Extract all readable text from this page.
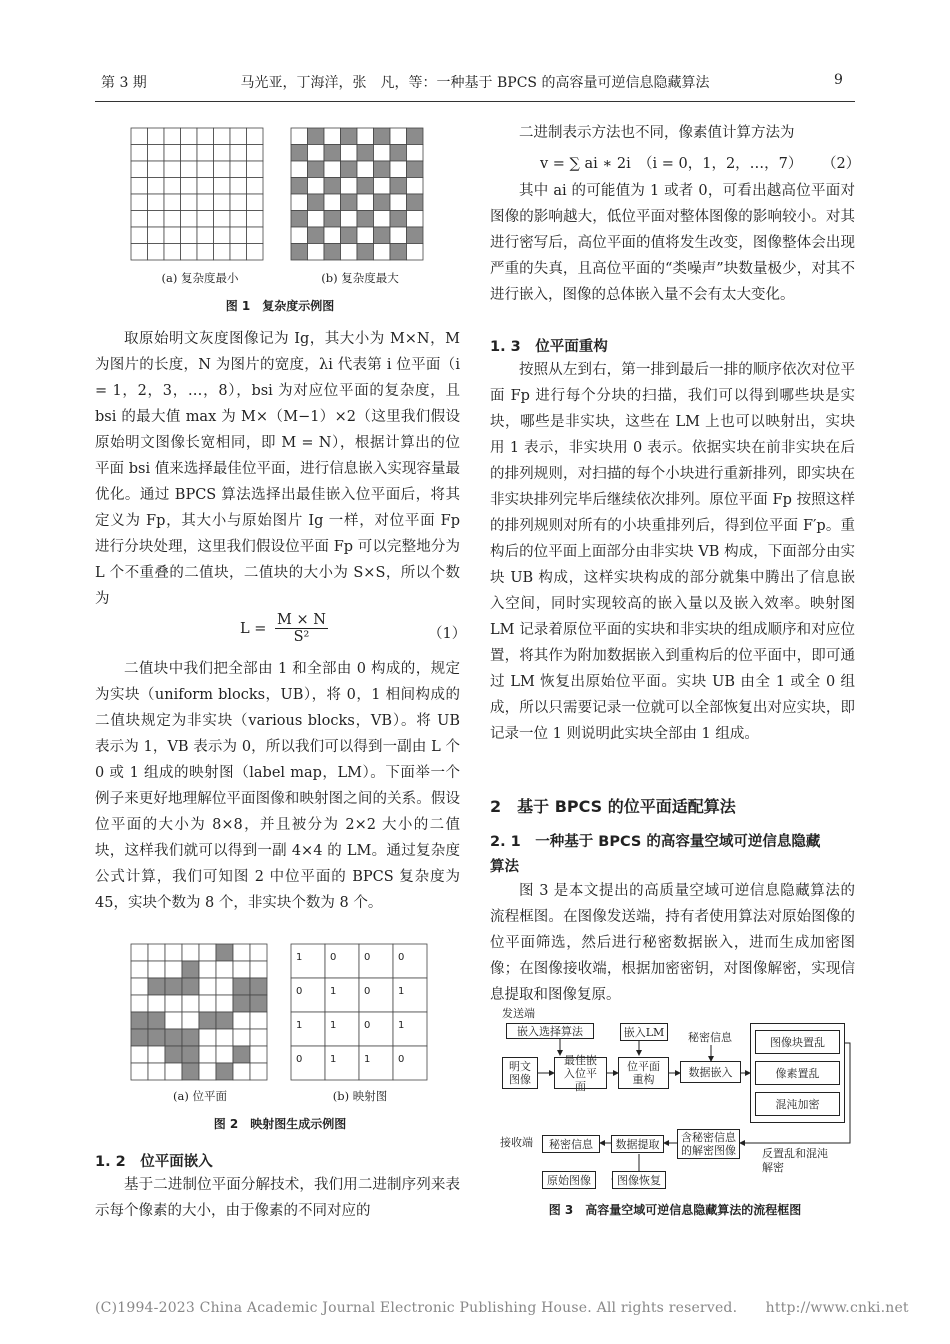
第 3 期	马光亚，丁海洋，张　凡，等：一种基于 BPCS 的高容量可逆信息隐藏算法	9
(a) 复杂度最小	(b) 复杂度最大
图 1　复杂度示例图

取原始明文灰度图像记为 Ig，其大小为 M×N，M 为图片的长度，N 为图片的宽度，λi 代表第 i 位平面（i = 1，2，3，…，8），bsi 为对应位平面的复杂度，且 bsi 的最大值 max 为 M×（M−1）×2（这里我们假设原始明文图像长宽相同，即 M = N），根据计算出的位平面 bsi 值来选择最佳位平面，进行信息嵌入实现容量最优化。通过 BPCS 算法选择出最佳嵌入位平面后，将其定义为 Fp，其大小与原始图片 Ig 一样，对位平面 Fp 进行分块处理，这里我们假设位平面 Fp 可以完整地分为 L 个不重叠的二值块，二值块的大小为 S×S，所以个数为

$L = \frac{M \times N}{\text{S²}}$	（1）

二值块中我们把全部由 1 和全部由 0 构成的，规定为实块（uniform blocks，UB），将 0，1 相间构成的二值块规定为非实块（various blocks，VB）。将 UB 表示为 1，VB 表示为 0，所以我们可以得到一副由 L 个 0 或 1 组成的映射图（label map，LM）。下面举一个例子来更好地理解位平面图像和映射图之间的关系。假设位平面的大小为 8×8，并且被分为 2×2 大小的二值块，这样我们就可以得到一副 4×4 的 LM。通过复杂度公式计算，我们可知图 2 中位平面的 BPCS 复杂度为 45，实块个数为 8 个，非实块个数为 8 个。

1	0	0	0
0	1	0	1
1	1	0	1
0	1	1	0
(a) 位平面	(b) 映射图
图 2　映射图生成示例图
1. 2　位平面嵌入

基于二进制位平面分解技术，我们用二进制序列来表示每个像素的大小，由于像素的不同对应的

二进制表示方法也不同，像素值计算方法为

v = ∑ ai ∗ 2i　（i = 0，1，2，…，7） （2）

其中 ai 的可能值为 1 或者 0，可看出越高位平面对图像的影响越大，低位平面对整体图像的影响较小。对其进行密写后，高位平面的值将发生改变，图像整体会出现严重的失真，且高位平面的“类噪声”块数量极少，对其不进行嵌入，图像的总体嵌入量不会有太大变化。

1. 3　位平面重构

按照从左到右，第一排到最后一排的顺序依次对位平面 Fp 进行每个分块的扫描，我们可以得到哪些块是实块，哪些是非实块，这些在 LM 上也可以映射出，实块用 1 表示，非实块用 0 表示。依据实块在前非实块在后的排列规则，对扫描的每个小块进行重新排列，即实块在非实块排列完毕后继续依次排列。原位平面 Fp 按照这样的排列规则对所有的小块重排列后，得到位平面 F′p。重构后的位平面上面部分由非实块 VB 构成，下面部分由实块 UB 构成，这样实块构成的部分就集中腾出了信息嵌入空间，同时实现较高的嵌入量以及嵌入效率。映射图 LM 记录着原位平面的实块和非实块的组成顺序和对应位置，将其作为附加数据嵌入到重构后的位平面中，即可通过 LM 恢复出原始位平面。实块 UB 由全 1 或全 0 组成，所以只需要记录一位就可以全部恢复出对应实块，即记录一位 1 则说明此实块全部由 1 组成。

2　基于 BPCS 的位平面适配算法
2. 1　一种基于 BPCS 的高容量空域可逆信息隐藏
算法

图 3 是本文提出的高质量空域可逆信息隐藏算法的流程框图。在图像发送端，持有者使用算法对原始图像的位平面筛选，然后进行秘密数据嵌入，进而生成加密图像；在图像接收端，根据加密密钥，对图像解密，实现信息提取和图像复原。

发送端
嵌入选择算法	嵌入LM	秘密信息
明文图像
最佳嵌入位平面
位平面重构
数据嵌入
图像块置乱
像素置乱
混沌加密
接收端	秘密信息	数据提取	含秘密信息的解密图像	反置乱和混沌解密
原始图像	图像恢复
图 3　高容量空域可逆信息隐藏算法的流程框图
(C)1994-2023 China Academic Journal Electronic Publishing House. All rights reserved.　　http://www.cnki.net
